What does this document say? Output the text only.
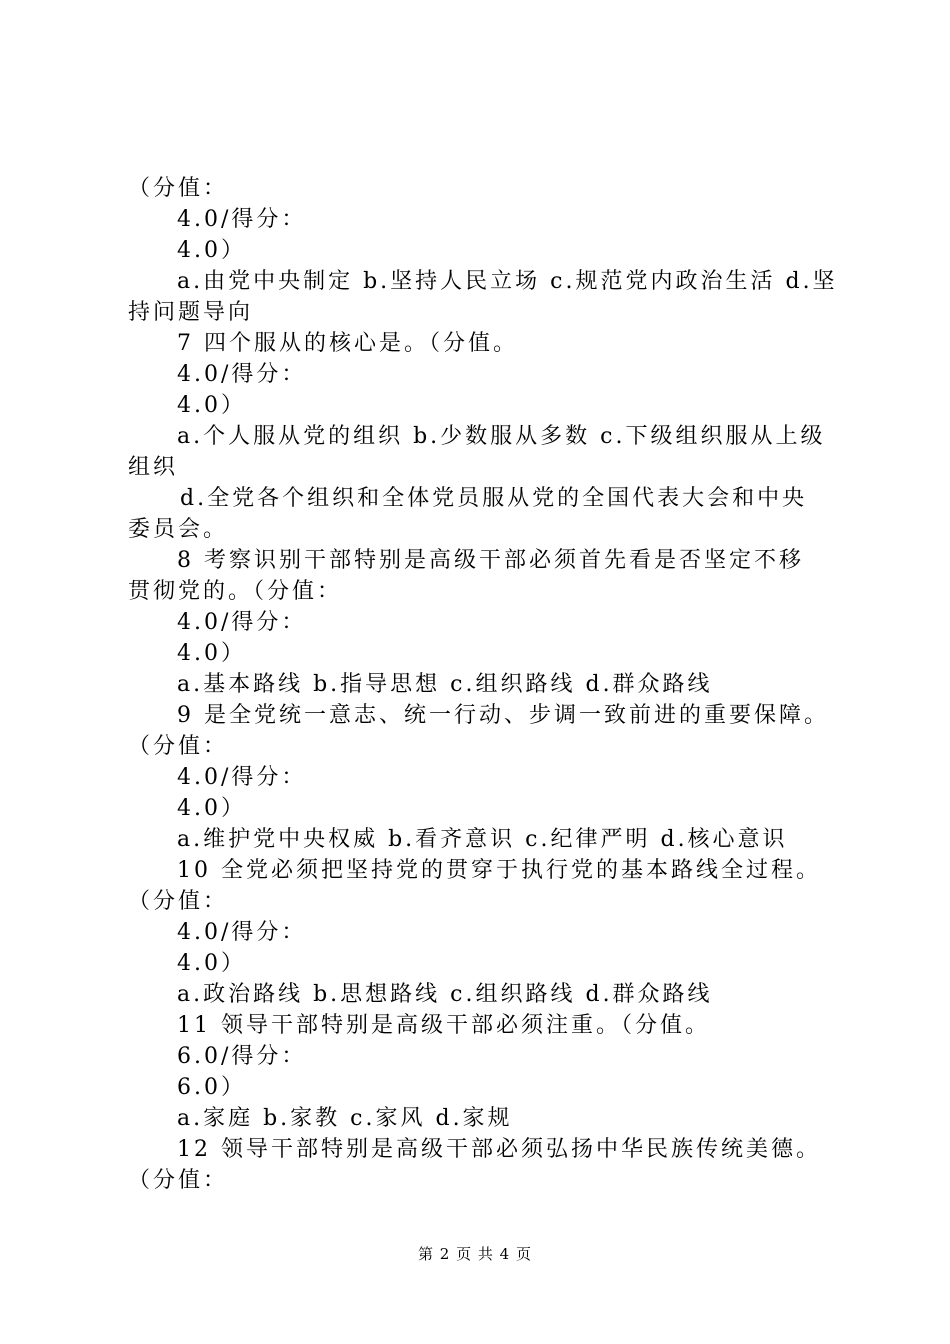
（分值：
4.0/得分：
4.0）
a.由党中央制定 b.坚持人民立场 c.规范党内政治生活 d.坚
持问题导向
7 四个服从的核心是。（分值。
4.0/得分：
4.0）
a.个人服从党的组织 b.少数服从多数 c.下级组织服从上级
组织
d.全党各个组织和全体党员服从党的全国代表大会和中央
委员会。
8 考察识别干部特别是高级干部必须首先看是否坚定不移
贯彻党的。（分值：
4.0/得分：
4.0）
a.基本路线 b.指导思想 c.组织路线 d.群众路线
9 是全党统一意志、统一行动、步调一致前进的重要保障。
（分值：
4.0/得分：
4.0）
a.维护党中央权威 b.看齐意识 c.纪律严明 d.核心意识
10 全党必须把坚持党的贯穿于执行党的基本路线全过程。
（分值：
4.0/得分：
4.0）
a.政治路线 b.思想路线 c.组织路线 d.群众路线
11 领导干部特别是高级干部必须注重。（分值。
6.0/得分：
6.0）
a.家庭 b.家教 c.家风 d.家规
12 领导干部特别是高级干部必须弘扬中华民族传统美德。
（分值：
第 2 页 共 4 页
